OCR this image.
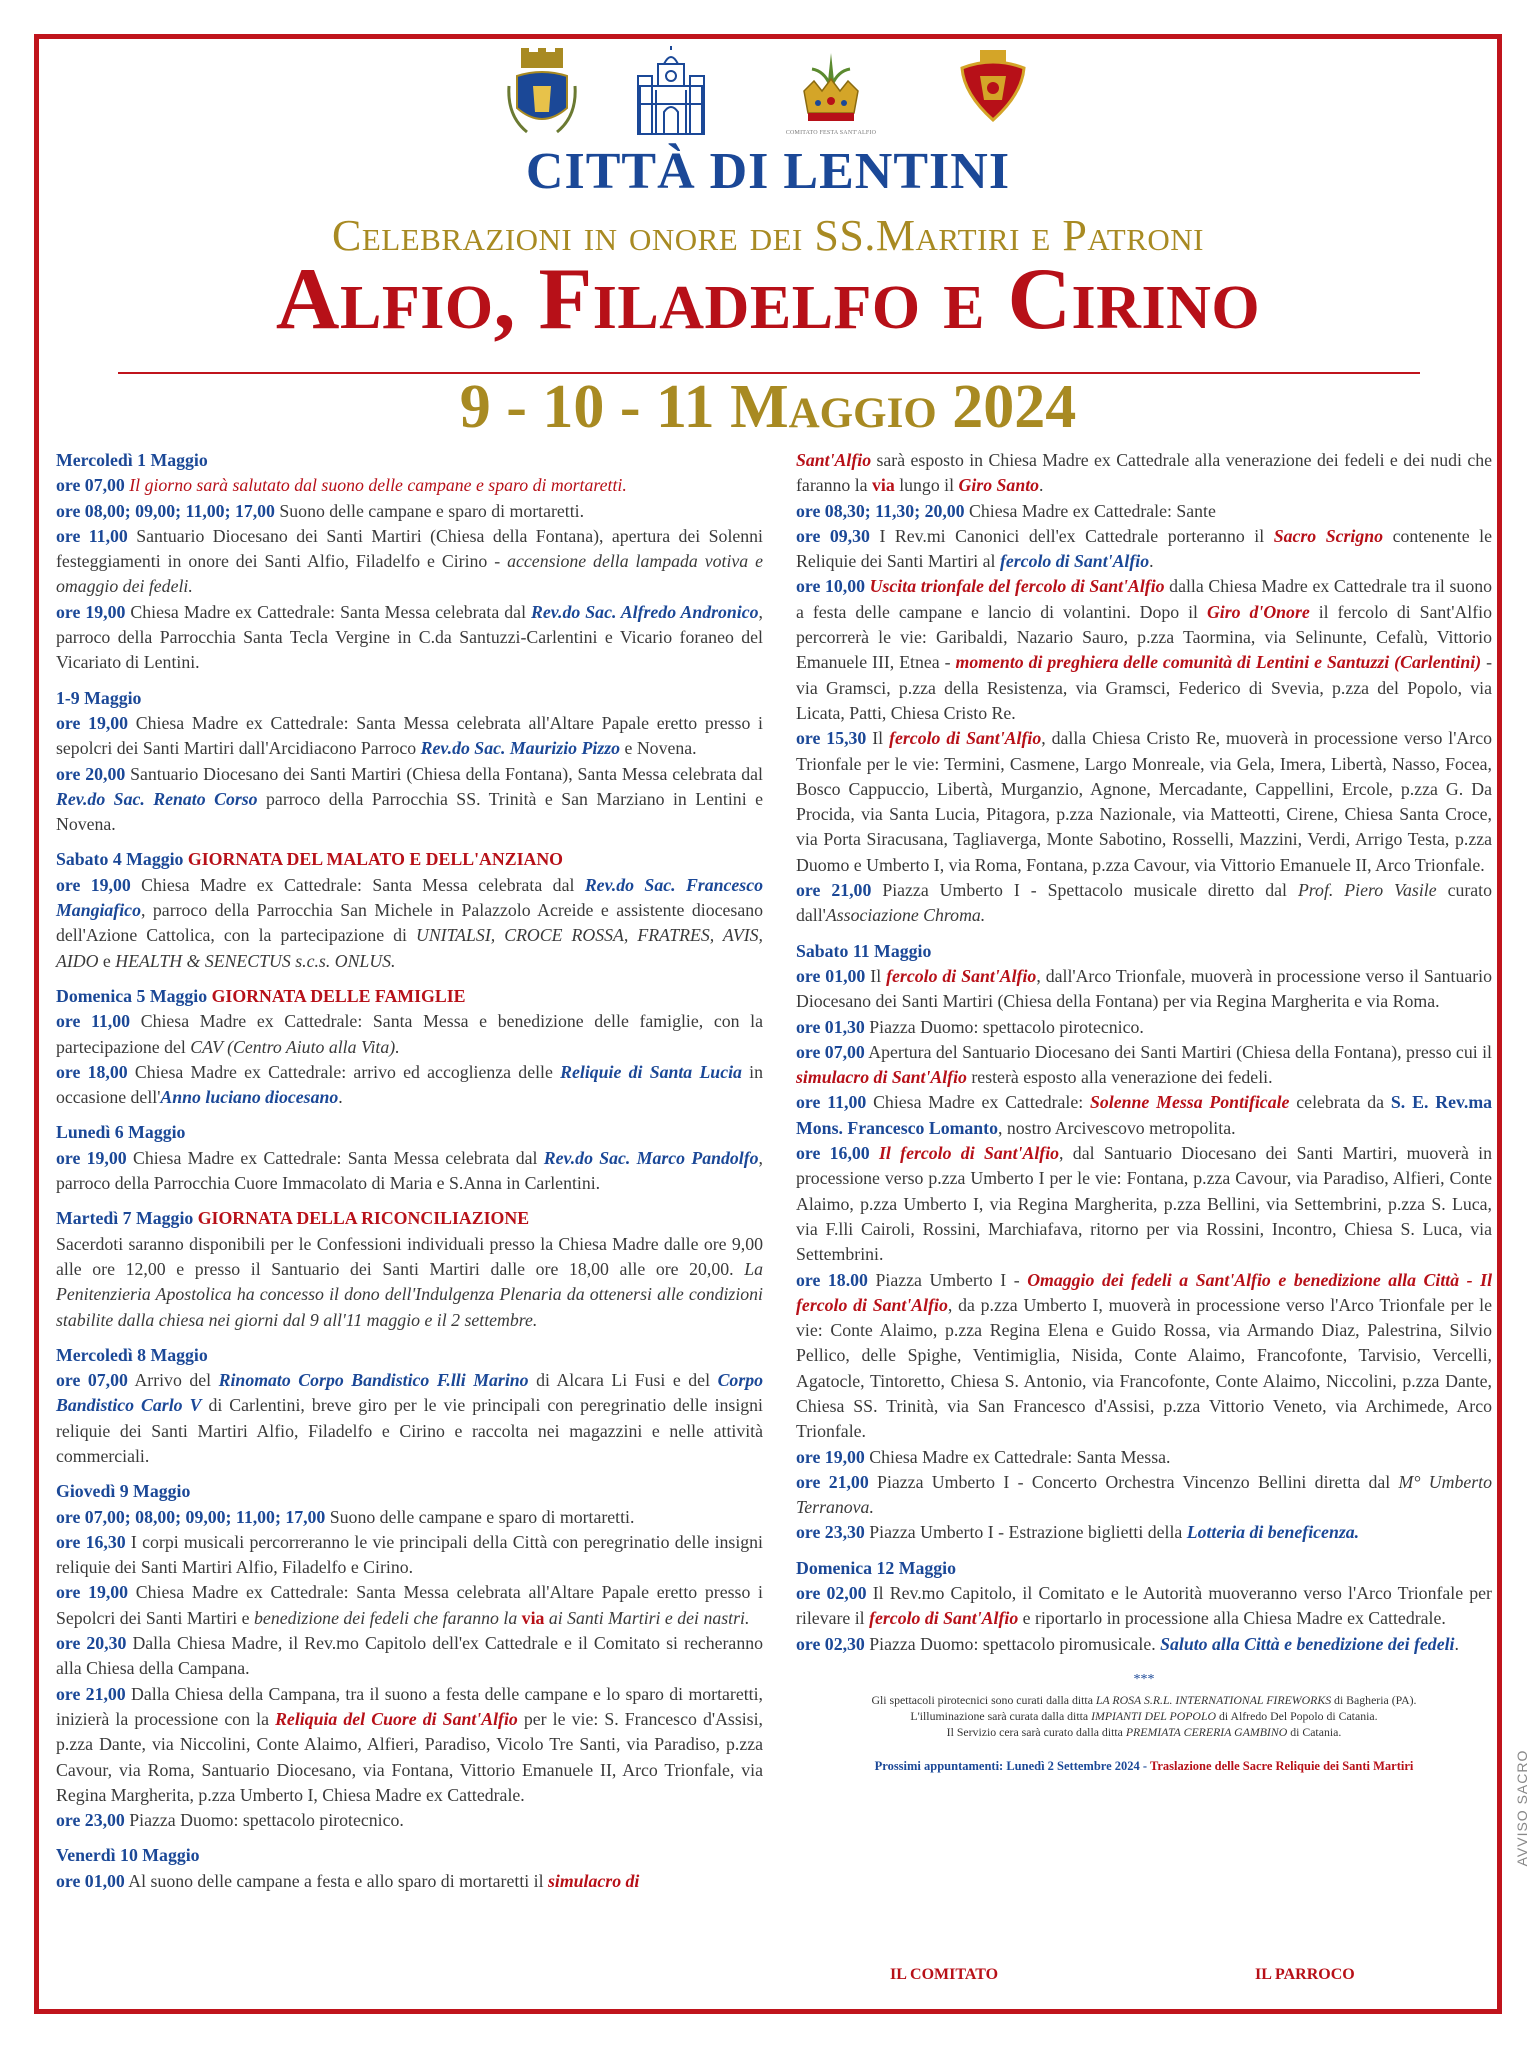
COMITATO FESTA SANT'ALFIO
CITTÀ DI LENTINI
Celebrazioni in onore dei SS.Martiri e Patroni
Alfio, Filadelfo e Cirino
9 - 10 - 11 Maggio 2024
Mercoledì 1 Maggio
ore 07,00 Il giorno sarà salutato dal suono delle campane e sparo di mortaretti.
ore 08,00; 09,00; 11,00; 17,00 Suono delle campane e sparo di mortaretti.
ore 11,00 Santuario Diocesano dei Santi Martiri (Chiesa della Fontana), apertura dei Solenni festeggiamenti in onore dei Santi Alfio, Filadelfo e Cirino - accensione della lampada votiva e omaggio dei fedeli.
ore 19,00 Chiesa Madre ex Cattedrale: Santa Messa celebrata dal Rev.do Sac. Alfredo Andronico, parroco della Parrocchia Santa Tecla Vergine in C.da Santuzzi-Carlentini e Vicario foraneo del Vicariato di Lentini.
1-9 Maggio
ore 19,00 Chiesa Madre ex Cattedrale: Santa Messa celebrata all'Altare Papale eretto presso i sepolcri dei Santi Martiri dall'Arcidiacono Parroco Rev.do Sac. Maurizio Pizzo e Novena.
ore 20,00 Santuario Diocesano dei Santi Martiri (Chiesa della Fontana), Santa Messa celebrata dal Rev.do Sac. Renato Corso parroco della Parrocchia SS. Trinità e San Marziano in Lentini e Novena.
Sabato 4 Maggio GIORNATA DEL MALATO E DELL'ANZIANO
ore 19,00 Chiesa Madre ex Cattedrale: Santa Messa celebrata dal Rev.do Sac. Francesco Mangiafico, parroco della Parrocchia San Michele in Palazzolo Acreide e assistente diocesano dell'Azione Cattolica, con la partecipazione di UNITALSI, CROCE ROSSA, FRATRES, AVIS, AIDO e HEALTH & SENECTUS s.c.s. ONLUS.
Domenica 5 Maggio GIORNATA DELLE FAMIGLIE
ore 11,00 Chiesa Madre ex Cattedrale: Santa Messa e benedizione delle famiglie, con la partecipazione del CAV (Centro Aiuto alla Vita).
ore 18,00 Chiesa Madre ex Cattedrale: arrivo ed accoglienza delle Reliquie di Santa Lucia in occasione dell'Anno luciano diocesano.
Lunedì 6 Maggio
ore 19,00 Chiesa Madre ex Cattedrale: Santa Messa celebrata dal Rev.do Sac. Marco Pandolfo, parroco della Parrocchia Cuore Immacolato di Maria e S.Anna in Carlentini.
Martedì 7 Maggio GIORNATA DELLA RICONCILIAZIONE
Sacerdoti saranno disponibili per le Confessioni individuali presso la Chiesa Madre dalle ore 9,00 alle ore 12,00 e presso il Santuario dei Santi Martiri dalle ore 18,00 alle ore 20,00. La Penitenzieria Apostolica ha concesso il dono dell'Indulgenza Plenaria da ottenersi alle condizioni stabilite dalla chiesa nei giorni dal 9 all'11 maggio e il 2 settembre.
Mercoledì 8 Maggio
ore 07,00 Arrivo del Rinomato Corpo Bandistico F.lli Marino di Alcara Li Fusi e del Corpo Bandistico Carlo V di Carlentini, breve giro per le vie principali con peregrinatio delle insigni reliquie dei Santi Martiri Alfio, Filadelfo e Cirino e raccolta nei magazzini e nelle attività commerciali.
Giovedì 9 Maggio
ore 07,00; 08,00; 09,00; 11,00; 17,00 Suono delle campane e sparo di mortaretti.
ore 16,30 I corpi musicali percorreranno le vie principali della Città con peregrinatio delle insigni reliquie dei Santi Martiri Alfio, Filadelfo e Cirino.
ore 19,00 Chiesa Madre ex Cattedrale: Santa Messa celebrata all'Altare Papale eretto presso i Sepolcri dei Santi Martiri e benedizione dei fedeli che faranno la via ai Santi Martiri e dei nastri.
ore 20,30 Dalla Chiesa Madre, il Rev.mo Capitolo dell'ex Cattedrale e il Comitato si recheranno alla Chiesa della Campana.
ore 21,00 Dalla Chiesa della Campana, tra il suono a festa delle campane e lo sparo di mortaretti, inizierà la processione con la Reliquia del Cuore di Sant'Alfio per le vie: S. Francesco d'Assisi, p.zza Dante, via Niccolini, Conte Alaimo, Alfieri, Paradiso, Vicolo Tre Santi, via Paradiso, p.zza Cavour, via Roma, Santuario Diocesano, via Fontana, Vittorio Emanuele II, Arco Trionfale, via Regina Margherita, p.zza Umberto I, Chiesa Madre ex Cattedrale.
ore 23,00 Piazza Duomo: spettacolo pirotecnico.
Venerdì 10 Maggio
ore 01,00 Al suono delle campane a festa e allo sparo di mortaretti il simulacro di
Sant'Alfio sarà esposto in Chiesa Madre ex Cattedrale alla venerazione dei fedeli e dei nudi che faranno la via lungo il Giro Santo.
ore 08,30; 11,30; 20,00 Chiesa Madre ex Cattedrale: Sante
ore 09,30 I Rev.mi Canonici dell'ex Cattedrale porteranno il Sacro Scrigno contenente le Reliquie dei Santi Martiri al fercolo di Sant'Alfio.
ore 10,00 Uscita trionfale del fercolo di Sant'Alfio dalla Chiesa Madre ex Cattedrale tra il suono a festa delle campane e lancio di volantini. Dopo il Giro d'Onore il fercolo di Sant'Alfio percorrerà le vie: Garibaldi, Nazario Sauro, p.zza Taormina, via Selinunte, Cefalù, Vittorio Emanuele III, Etnea - momento di preghiera delle comunità di Lentini e Santuzzi (Carlentini) - via Gramsci, p.zza della Resistenza, via Gramsci, Federico di Svevia, p.zza del Popolo, via Licata, Patti, Chiesa Cristo Re.
ore 15,30 Il fercolo di Sant'Alfio, dalla Chiesa Cristo Re, muoverà in processione verso l'Arco Trionfale per le vie: Termini, Casmene, Largo Monreale, via Gela, Imera, Libertà, Nasso, Focea, Bosco Cappuccio, Libertà, Murganzio, Agnone, Mercadante, Cappellini, Ercole, p.zza G. Da Procida, via Santa Lucia, Pitagora, p.zza Nazionale, via Matteotti, Cirene, Chiesa Santa Croce, via Porta Siracusana, Tagliaverga, Monte Sabotino, Rosselli, Mazzini, Verdi, Arrigo Testa, p.zza Duomo e Umberto I, via Roma, Fontana, p.zza Cavour, via Vittorio Emanuele II, Arco Trionfale.
ore 21,00 Piazza Umberto I - Spettacolo musicale diretto dal Prof. Piero Vasile curato dall'Associazione Chroma.
Sabato 11 Maggio
ore 01,00 Il fercolo di Sant'Alfio, dall'Arco Trionfale, muoverà in processione verso il Santuario Diocesano dei Santi Martiri (Chiesa della Fontana) per via Regina Margherita e via Roma.
ore 01,30 Piazza Duomo: spettacolo pirotecnico.
ore 07,00 Apertura del Santuario Diocesano dei Santi Martiri (Chiesa della Fontana), presso cui il simulacro di Sant'Alfio resterà esposto alla venerazione dei fedeli.
ore 11,00 Chiesa Madre ex Cattedrale: Solenne Messa Pontificale celebrata da S. E. Rev.ma Mons. Francesco Lomanto, nostro Arcivescovo metropolita.
ore 16,00 Il fercolo di Sant'Alfio, dal Santuario Diocesano dei Santi Martiri, muoverà in processione verso p.zza Umberto I per le vie: Fontana, p.zza Cavour, via Paradiso, Alfieri, Conte Alaimo, p.zza Umberto I, via Regina Margherita, p.zza Bellini, via Settembrini, p.zza S. Luca, via F.lli Cairoli, Rossini, Marchiafava, ritorno per via Rossini, Incontro, Chiesa S. Luca, via Settembrini.
ore 18.00 Piazza Umberto I - Omaggio dei fedeli a Sant'Alfio e benedizione alla Città - Il fercolo di Sant'Alfio, da p.zza Umberto I, muoverà in processione verso l'Arco Trionfale per le vie: Conte Alaimo, p.zza Regina Elena e Guido Rossa, via Armando Diaz, Palestrina, Silvio Pellico, delle Spighe, Ventimiglia, Nisida, Conte Alaimo, Francofonte, Tarvisio, Vercelli, Agatocle, Tintoretto, Chiesa S. Antonio, via Francofonte, Conte Alaimo, Niccolini, p.zza Dante, Chiesa SS. Trinità, via San Francesco d'Assisi, p.zza Vittorio Veneto, via Archimede, Arco Trionfale.
ore 19,00 Chiesa Madre ex Cattedrale: Santa Messa.
ore 21,00 Piazza Umberto I - Concerto Orchestra Vincenzo Bellini diretta dal M° Umberto Terranova.
ore 23,30 Piazza Umberto I - Estrazione biglietti della Lotteria di beneficenza.
Domenica 12 Maggio
ore 02,00 Il Rev.mo Capitolo, il Comitato e le Autorità muoveranno verso l'Arco Trionfale per rilevare il fercolo di Sant'Alfio e riportarlo in processione alla Chiesa Madre ex Cattedrale.
ore 02,30 Piazza Duomo: spettacolo piromusicale. Saluto alla Città e benedizione dei fedeli.
***
Gli spettacoli pirotecnici sono curati dalla ditta LA ROSA S.R.L. INTERNATIONAL FIREWORKS di Bagheria (PA).
L'illuminazione sarà curata dalla ditta IMPIANTI DEL POPOLO di Alfredo Del Popolo di Catania.
Il Servizio cera sarà curato dalla ditta PREMIATA CERERIA GAMBINO di Catania.
Prossimi appuntamenti: Lunedì 2 Settembre 2024 - Traslazione delle Sacre Reliquie dei Santi Martiri
IL COMITATO	IL PARROCO
AVVISO SACRO
